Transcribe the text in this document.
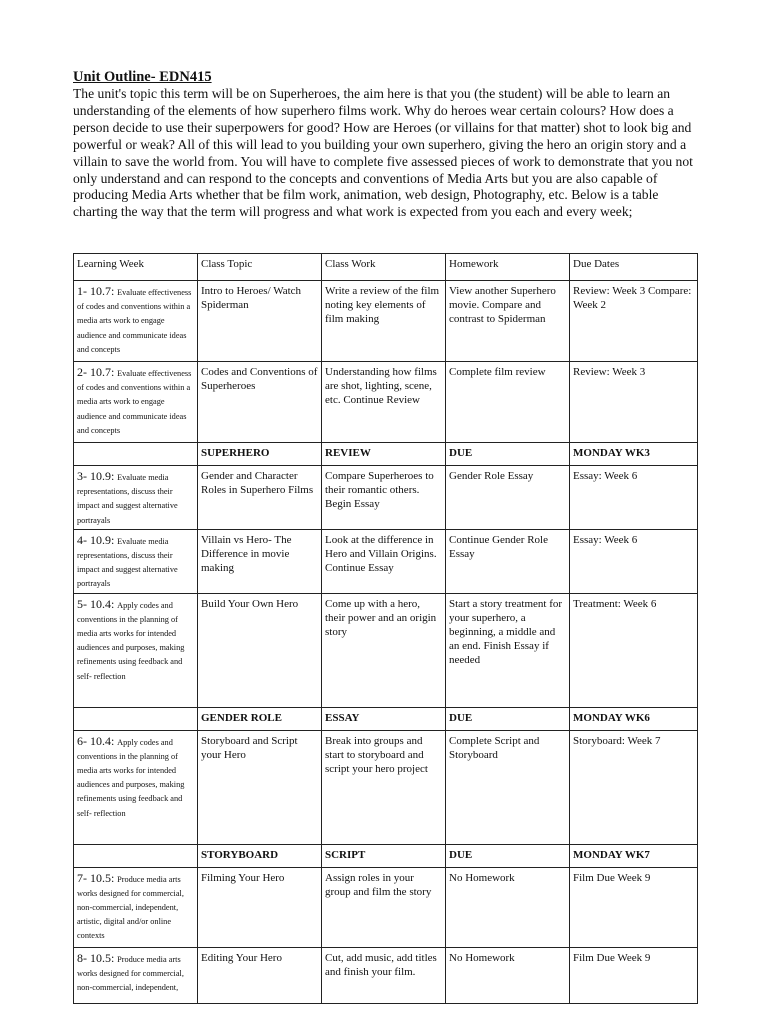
Unit Outline- EDN415

The unit's topic this term will be on Superheroes, the aim here is that you (the student) will be able to learn an understanding of the elements of how superhero films work. Why do heroes wear certain colours? How does a person decide to use their superpowers for good? How are Heroes (or villains for that matter) shot to look big and powerful or weak? All of this will lead to you building your own superhero, giving the hero an origin story and a villain to save the world from. You will have to complete five assessed pieces of work to demonstrate that you not only understand and can respond to the concepts and conventions of Media Arts but you are also capable of producing Media Arts whether that be film work, animation, web design, Photography, etc. Below is a table charting the way that the term will progress and what work is expected from you each and every week;

Learning Week	Class Topic	Class Work	Homework	Due Dates
1- 10.7: Evaluate effectiveness of codes and conventions within a media arts work to engage audience and communicate ideas and concepts	Intro to Heroes/ Watch Spiderman	Write a review of the film noting key elements of film making	View another Superhero movie. Compare and contrast to Spiderman	Review: Week 3 Compare: Week 2
2- 10.7: Evaluate effectiveness of codes and conventions within a media arts work to engage audience and communicate ideas and concepts	Codes and Conventions of Superheroes	Understanding how films are shot, lighting, scene, etc. Continue Review	Complete film review	Review: Week 3
	SUPERHERO	REVIEW	DUE	MONDAY WK3
3- 10.9: Evaluate media representations, discuss their impact and suggest alternative portrayals	Gender and Character Roles in Superhero Films	Compare Superheroes to their romantic others. Begin Essay	Gender Role Essay	Essay: Week 6
4- 10.9: Evaluate media representations, discuss their impact and suggest alternative portrayals	Villain vs Hero- The Difference in movie making	Look at the difference in Hero and Villain Origins. Continue Essay	Continue Gender Role Essay	Essay: Week 6
5- 10.4: Apply codes and conventions in the planning of media arts works for intended audiences and purposes, making refinements using feedback and self- reflection	Build Your Own Hero	Come up with a hero, their power and an origin story	Start a story treatment for your superhero, a beginning, a middle and an end. Finish Essay if needed	Treatment: Week 6
	GENDER ROLE	ESSAY	DUE	MONDAY WK6
6- 10.4: Apply codes and conventions in the planning of media arts works for intended audiences and purposes, making refinements using feedback and self- reflection	Storyboard and Script your Hero	Break into groups and start to storyboard and script your hero project	Complete Script and Storyboard	Storyboard: Week 7
	STORYBOARD	SCRIPT	DUE	MONDAY WK7
7- 10.5: Produce media arts works designed for commercial, non-commercial, independent, artistic, digital and/or online contexts	Filming Your Hero	Assign roles in your group and film the story	No Homework	Film Due Week 9
8- 10.5: Produce media arts works designed for commercial, non-commercial, independent,	Editing Your Hero	Cut, add music, add titles and finish your film.	No Homework	Film Due Week 9
